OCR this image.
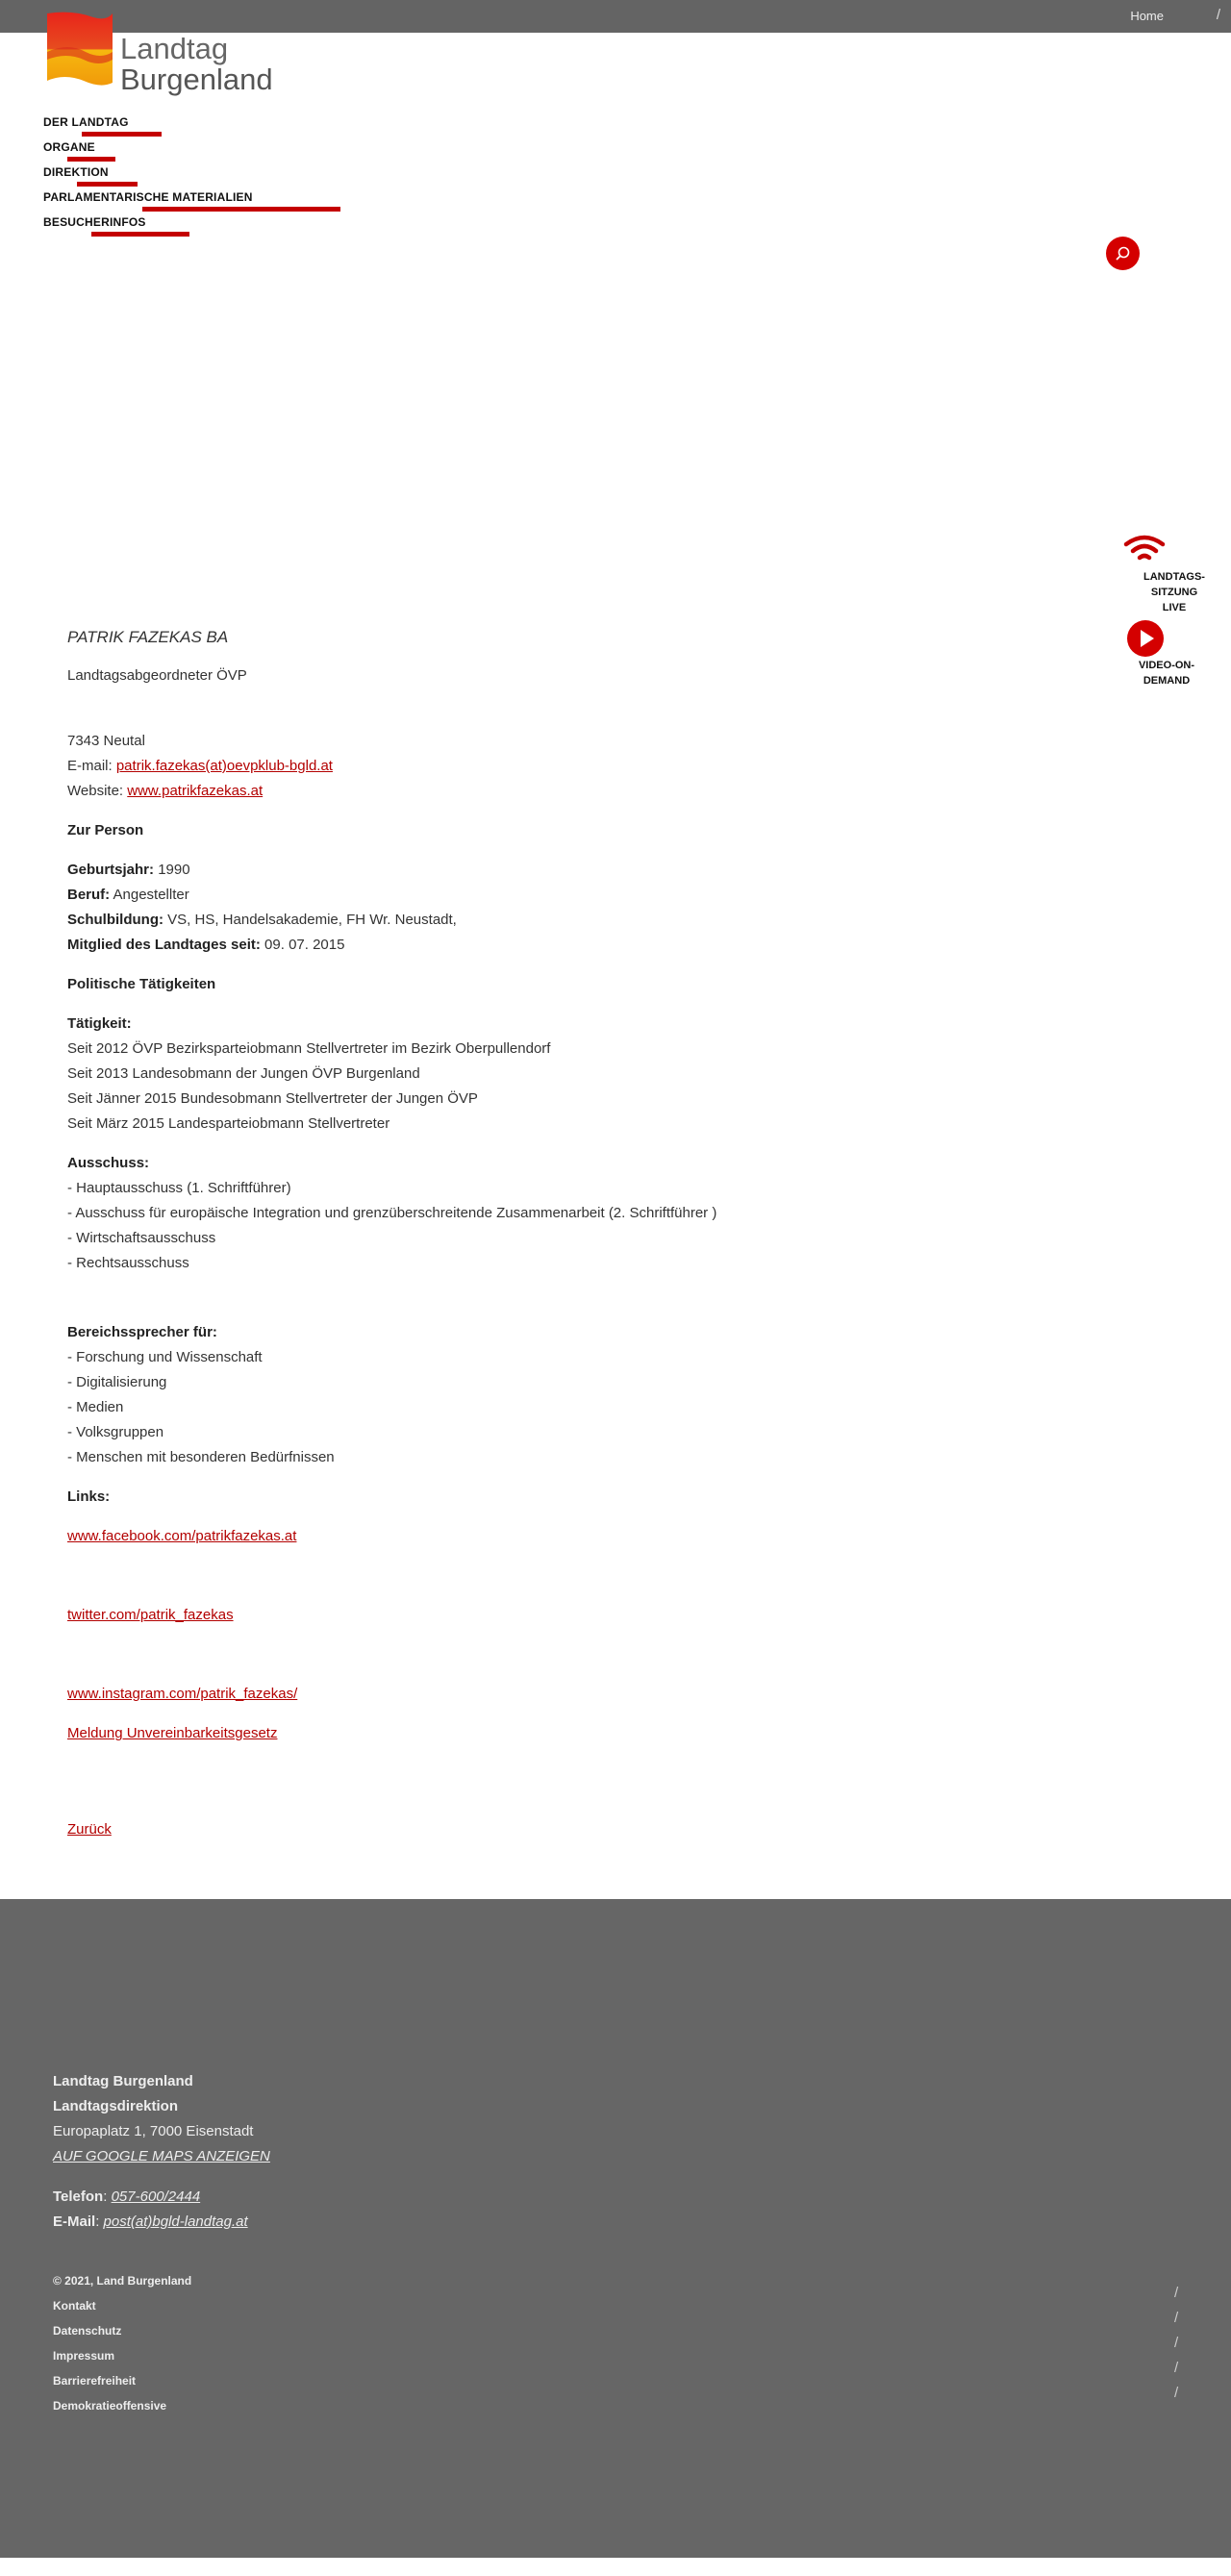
Home	/
Landtag
Burgenland
DER LANDTAG
ORGANE
DIREKTION
PARLAMENTARISCHE MATERIALIEN
BESUCHERINFOS
LANDTAGS-
SITZUNG LIVE
VIDEO-ON-
DEMAND
PATRIK FAZEKAS BA
Landtagsabgeordneter ÖVP
7343 Neutal
E-mail: patrik.fazekas(at)oevpklub-bgld.at
Website: www.patrikfazekas.at
Zur Person
Geburtsjahr: 1990
Beruf: Angestellter
Schulbildung: VS, HS, Handelsakademie, FH Wr. Neustadt,
Mitglied des Landtages seit: 09. 07. 2015
Politische Tätigkeiten
Tätigkeit:
Seit 2012 ÖVP Bezirksparteiobmann Stellvertreter im Bezirk Oberpullendorf
Seit 2013 Landesobmann der Jungen ÖVP Burgenland
Seit Jänner 2015 Bundesobmann Stellvertreter der Jungen ÖVP
Seit März 2015 Landesparteiobmann Stellvertreter
Ausschuss:
- Hauptausschuss (1. Schriftführer)
- Ausschuss für europäische Integration und grenzüberschreitende Zusammenarbeit (2. Schriftführer )
- Wirtschaftsausschuss
- Rechtsausschuss
Bereichssprecher für:
- Forschung und Wissenschaft
- Digitalisierung
- Medien
- Volksgruppen
- Menschen mit besonderen Bedürfnissen
Links:
www.facebook.com/patrikfazekas.at
twitter.com/patrik_fazekas
www.instagram.com/patrik_fazekas/
Meldung Unvereinbarkeitsgesetz
Zurück
Landtag Burgenland
Landtagsdirektion
Europaplatz 1, 7000 Eisenstadt
AUF GOOGLE MAPS ANZEIGEN
Telefon: 057-600/2444
E-Mail: post(at)bgld-landtag.at
© 2021, Land Burgenland
Kontakt
Datenschutz
Impressum
Barrierefreiheit
Demokratieoffensive
/
/
/
/
/
